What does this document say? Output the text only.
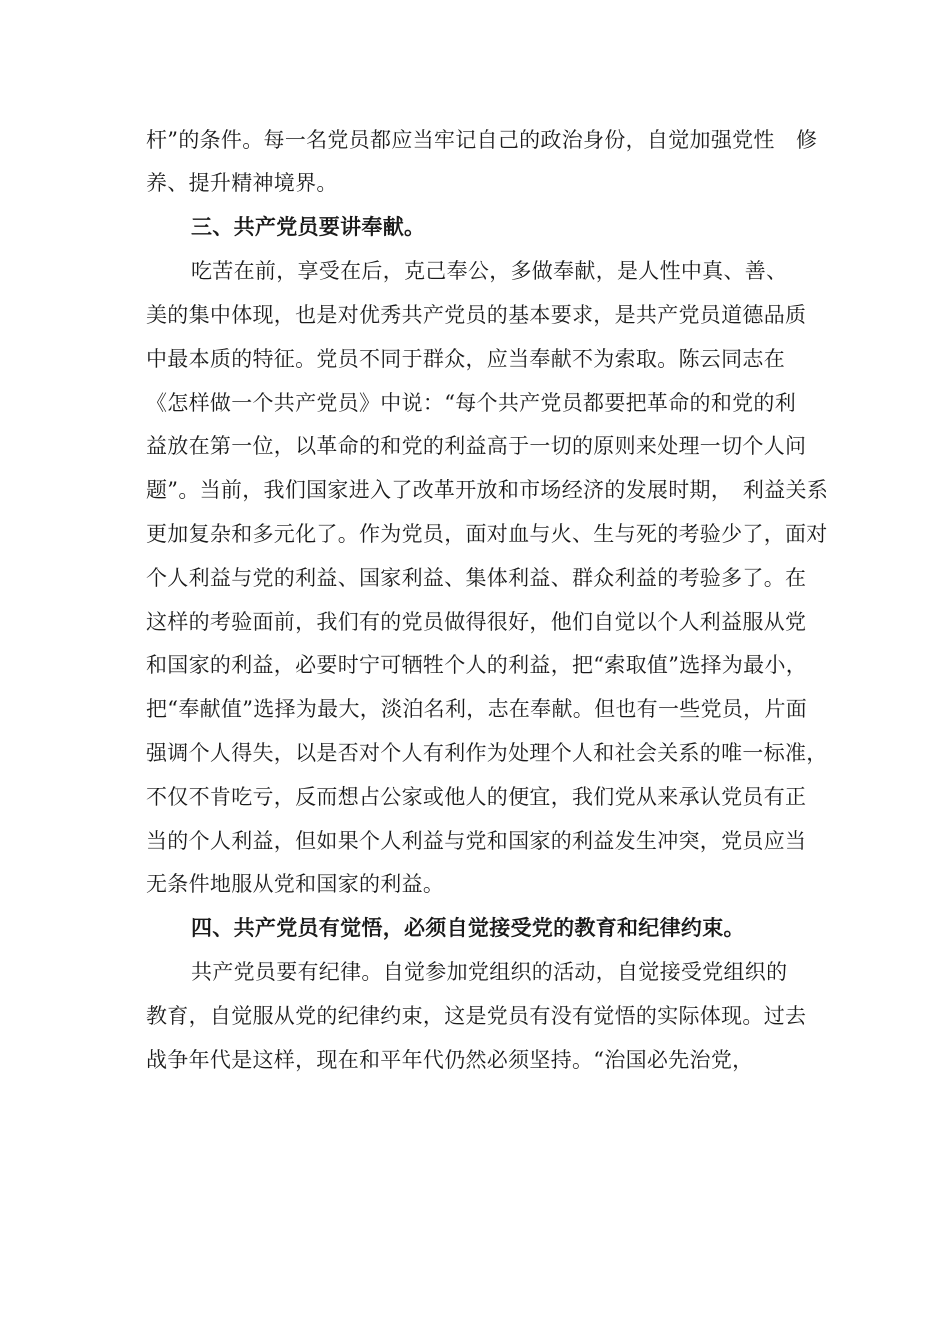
杆”的条件。每一名党员都应当牢记自己的政治身份，自觉加强党性　修
养、提升精神境界。
三、共产党员要讲奉献。
吃苦在前，享受在后，克己奉公，多做奉献，是人性中真、善、
美的集中体现，也是对优秀共产党员的基本要求，是共产党员道德品质
中最本质的特征。党员不同于群众，应当奉献不为索取。陈云同志在
《怎样做一个共产党员》中说：“每个共产党员都要把革命的和党的利
益放在第一位，以革命的和党的利益高于一切的原则来处理一切个人问
题”。当前，我们国家进入了改革开放和市场经济的发展时期，　利益关系
更加复杂和多元化了。作为党员，面对血与火、生与死的考验少了，面对
个人利益与党的利益、国家利益、集体利益、群众利益的考验多了。在
这样的考验面前，我们有的党员做得很好，他们自觉以个人利益服从党
和国家的利益，必要时宁可牺牲个人的利益，把“索取值”选择为最小，
把“奉献值”选择为最大，淡泊名利，志在奉献。但也有一些党员，片面
强调个人得失，以是否对个人有利作为处理个人和社会关系的唯一标准，
不仅不肯吃亏，反而想占公家或他人的便宜，我们党从来承认党员有正
当的个人利益，但如果个人利益与党和国家的利益发生冲突，党员应当
无条件地服从党和国家的利益。
四、共产党员有觉悟，必须自觉接受党的教育和纪律约束。
共产党员要有纪律。自觉参加党组织的活动，自觉接受党组织的
教育，自觉服从党的纪律约束，这是党员有没有觉悟的实际体现。过去
战争年代是这样，现在和平年代仍然必须坚持。“治国必先治党，
